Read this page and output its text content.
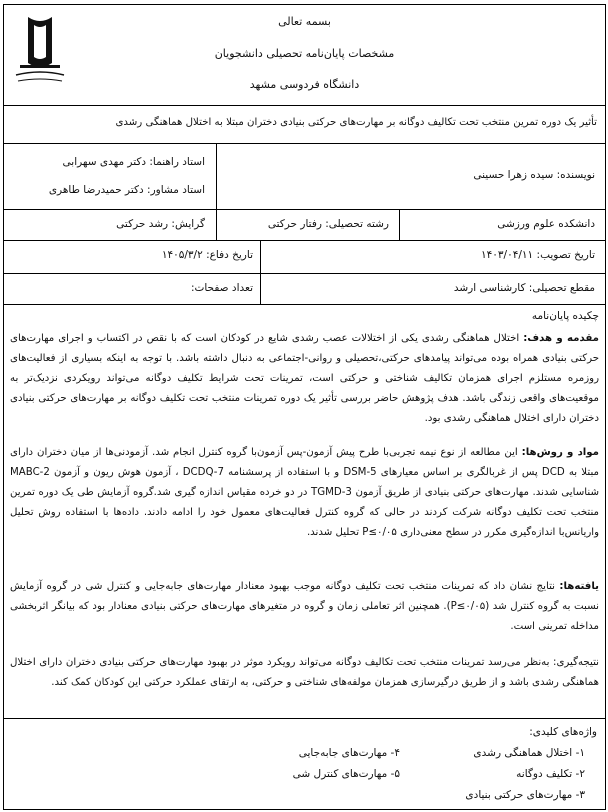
بسمه تعالی
مشخصات پایان‌نامه تحصیلی دانشجویان
دانشگاه فردوسی مشهد
تأثیر یک دوره تمرین منتخب تحت تکالیف دوگانه بر مهارت‌های حرکتی بنیادی دختران مبتلا به اختلال هماهنگی رشدی
نویسنده: سیده زهرا حسینی
استاد راهنما: دکتر مهدی سهرابی
استاد مشاور: دکتر حمیدرضا طاهری
دانشکده علوم ورزشی
رشته تحصیلی: رفتار حرکتی
گرایش: رشد حرکتی
تاریخ تصویب: ۱۴۰۳/۰۴/۱۱
تاریخ دفاع: ۱۴۰۵/۳/۲
مقطع تحصیلی: کارشناسی ارشد
تعداد صفحات:
چکیده پایان‌نامه

مقدمه و هدف: اختلال هماهنگی رشدی یکی از اختلالات عصب رشدی شایع در کودکان است که با نقص در اکتساب و اجرای مهارت‌های حرکتی بنیادی همراه بوده می‌تواند پیامدهای حرکتی،تحصیلی و روانی-اجتماعی به دنبال داشته باشد. با توجه به اینکه بسیاری از فعالیت‌های روزمره مستلزم اجرای همزمان تکالیف شناختی و حرکتی است، تمرینات تحت شرایط تکلیف دوگانه می‌تواند رویکردی نزدیک‌تر به موقعیت‌های واقعی زندگی باشد. هدف پژوهش حاضر بررسی تأثیر یک دوره تمرینات منتخب تحت تکلیف دوگانه بر مهارت‌های حرکتی بنیادی دختران دارای اختلال هماهنگی رشدی بود.

مواد و روش‌ها: این مطالعه از نوع نیمه تجربی‌با طرح پیش آزمون-پس آزمون‌با گروه کنترل انجام شد. آزمودنی‌ها از میان دختران دارای مبتلا به DCD پس از غربالگری بر اساس معیارهای DSM-5 و با استفاده از پرسشنامه DCDQ-7 ، آزمون هوش ریون و آزمون MABC-2 شناسایی شدند. مهارت‌های حرکتی بنیادی از طریق آزمون TGMD-3 در دو خرده مقیاس اندازه گیری شد.گروه آزمایش طی یک دوره تمرین منتخب تحت تکلیف دوگانه شرکت کردند در حالی که گروه کنترل فعالیت‌های معمول خود را ادامه دادند. داده‌ها با استفاده روش تحلیل واریانس‌با اندازه‌گیری مکرر در سطح معنی‌داری P≤۰/۰۵ تحلیل شدند.

یافته‌ها: نتایج نشان داد که تمرینات منتخب تحت تکلیف دوگانه موجب بهبود معنادار مهارت‌های جابه‌جایی و کنترل شی در گروه آزمایش نسبت به گروه کنترل شد (P≤۰/۰۵). همچنین اثر تعاملی زمان و گروه در متغیرهای مهارت‌های حرکتی بنیادی معنادار بود که بیانگر اثربخشی مداخله تمرینی است.

نتیجه‌گیری: به‌نظر می‌رسد تمرینات منتخب تحت تکالیف دوگانه می‌تواند رویکرد موثر در بهبود مهارت‌های حرکتی بنیادی دختران دارای اختلال هماهنگی رشدی باشد و از طریق درگیرسازی همزمان مولفه‌های شناختی و حرکتی، به ارتقای عملکرد حرکتی این کودکان کمک کند.

واژه‌های کلیدی:
۱- اختلال هماهنگی رشدی
۲- تکلیف دوگانه
۳- مهارت‌های حرکتی بنیادی
۴- مهارت‌های جابه‌جایی
۵- مهارت‌های کنترل شی
